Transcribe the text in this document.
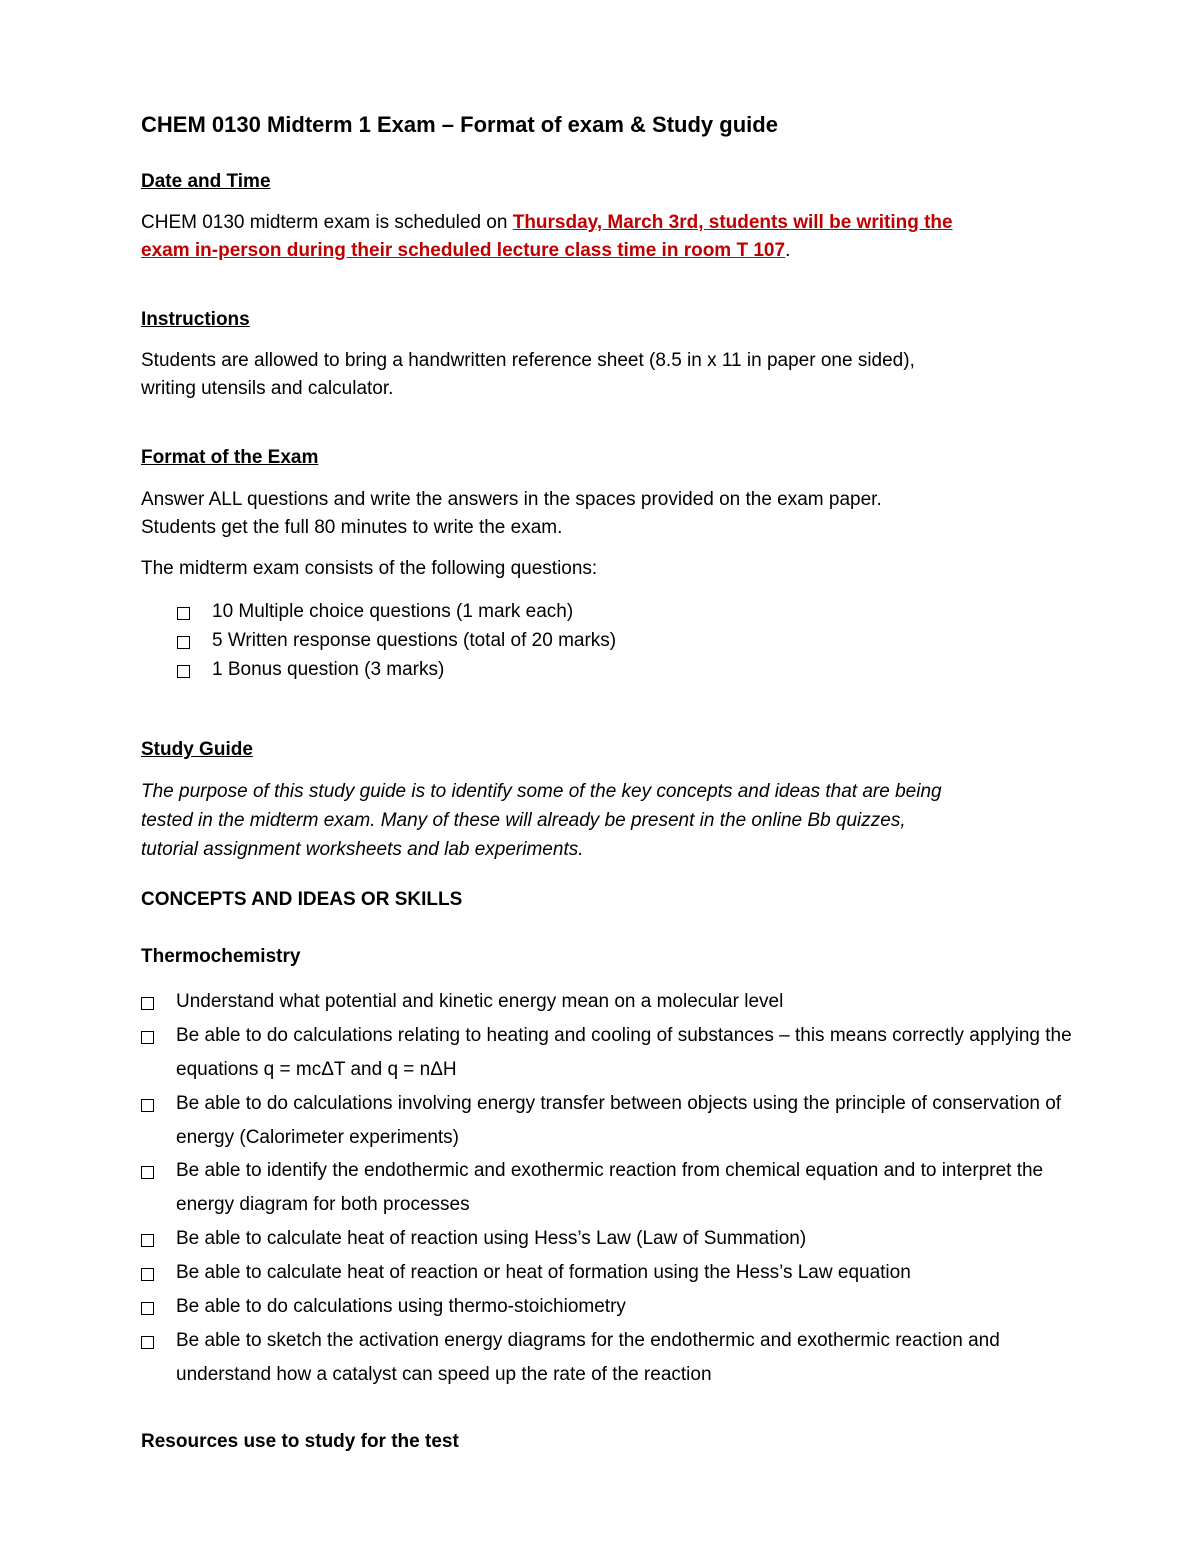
CHEM 0130 Midterm 1 Exam – Format of exam & Study guide
Date and Time
CHEM 0130 midterm exam is scheduled on Thursday, March 3rd, students will be writing the
exam in-person during their scheduled lecture class time in room T 107.
Instructions
Students are allowed to bring a handwritten reference sheet (8.5 in x 11 in paper one sided),
writing utensils and calculator.
Format of the Exam
Answer ALL questions and write the answers in the spaces provided on the exam paper.
Students get the full 80 minutes to write the exam.
The midterm exam consists of the following questions:
10 Multiple choice questions (1 mark each)
5 Written response questions (total of 20 marks)
1 Bonus question (3 marks)
Study Guide
The purpose of this study guide is to identify some of the key concepts and ideas that are being
tested in the midterm exam. Many of these will already be present in the online Bb quizzes,
tutorial assignment worksheets and lab experiments.
CONCEPTS AND IDEAS OR SKILLS
Thermochemistry
Understand what potential and kinetic energy mean on a molecular level
Be able to do calculations relating to heating and cooling of substances – this means correctly applying the equations q = mcΔT and q = nΔH
Be able to do calculations involving energy transfer between objects using the principle of conservation of energy (Calorimeter experiments)
Be able to identify the endothermic and exothermic reaction from chemical equation and to interpret the energy diagram for both processes
Be able to calculate heat of reaction using Hess’s Law (Law of Summation)
Be able to calculate heat of reaction or heat of formation using the Hess’s Law equation
Be able to do calculations using thermo-stoichiometry
Be able to sketch the activation energy diagrams for the endothermic and exothermic reaction and understand how a catalyst can speed up the rate of the reaction
Resources use to study for the test
